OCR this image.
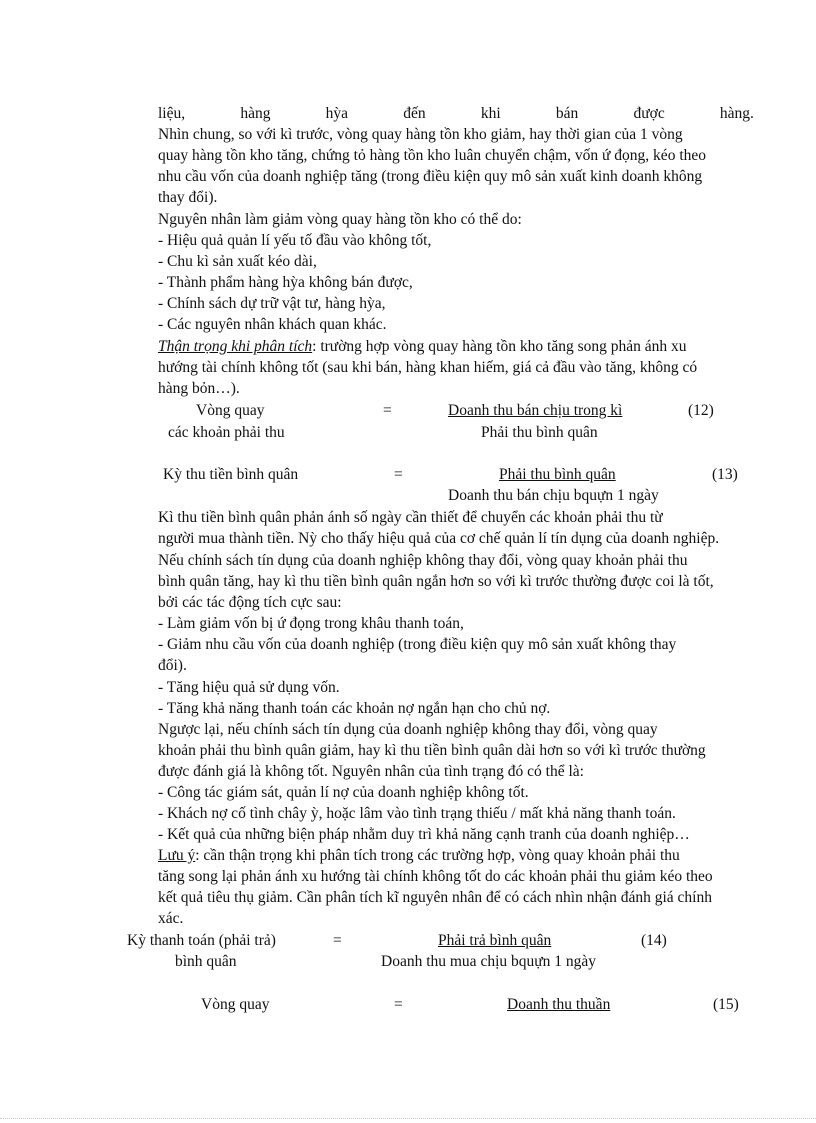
liệu,	hàng	hỳa	đến	khi	bán	được	hàng.
Nhìn chung, so với kì trước, vòng quay hàng tồn kho giảm, hay thời gian của 1 vòng
quay hàng tồn kho tăng, chứng tỏ hàng tồn kho luân chuyển chậm, vốn ứ đọng, kéo theo
nhu cầu vốn của doanh nghiệp tăng (trong điều kiện quy mô sản xuất kinh doanh không
thay đổi).
Nguyên nhân làm giảm vòng quay hàng tồn kho có thể do:
- Hiệu quả quản lí yếu tố đầu vào không tốt,
- Chu kì sản xuất kéo dài,
- Thành phẩm hàng hỳa không bán được,
- Chính sách dự trữ vật tư, hàng hỳa,
- Các nguyên nhân khách quan khác.
Thận trọng khi phân tích: trường hợp vòng quay hàng tồn kho tăng song phản ánh xu
hướng tài chính không tốt (sau khi bán, hàng khan hiếm, giá cả đầu vào tăng, không có
hàng bỏn…).
Vòng quay
các khoản phải thu
=	Doanh thu bán chịu trong kì
Phải thu bình quân
(12)
Kỳ thu tiền bình quân	=	Phải thu bình quân
Doanh thu bán chịu bquựn 1 ngày
(13)
Kì thu tiền bình quân phản ánh số ngày cần thiết để chuyển các khoản phải thu từ
người mua thành tiền. Nỳ cho thấy hiệu quả của cơ chế quản lí tín dụng của doanh nghiệp.
Nếu chính sách tín dụng của doanh nghiệp không thay đổi, vòng quay khoản phải thu
bình quân tăng, hay kì thu tiền bình quân ngắn hơn so với kì trước thường được coi là tốt,
bởi các tác động tích cực sau:
- Làm giảm vốn bị ứ đọng trong khâu thanh toán,
- Giảm nhu cầu vốn của doanh nghiệp (trong điều kiện quy mô sản xuất không thay
đổi).
- Tăng hiệu quả sử dụng vốn.
- Tăng khả năng thanh toán các khoản nợ ngắn hạn cho chủ nợ.
Ngược lại, nếu chính sách tín dụng của doanh nghiệp không thay đổi, vòng quay
khoản phải thu bình quân giảm, hay kì thu tiền bình quân dài hơn so với kì trước thường
được đánh giá là không tốt. Nguyên nhân của tình trạng đó có thể là:
- Công tác giám sát, quản lí nợ của doanh nghiệp không tốt.
- Khách nợ cố tình chây ỳ, hoặc lâm vào tình trạng thiếu / mất khả năng thanh toán.
- Kết quả của những biện pháp nhằm duy trì khả năng cạnh tranh của doanh nghiệp…
Lưu ý: cần thận trọng khi phân tích trong các trường hợp, vòng quay khoản phải thu
tăng song lại phản ánh xu hướng tài chính không tốt do các khoản phải thu giảm kéo theo
kết quả tiêu thụ giảm. Cần phân tích kĩ nguyên nhân để có cách nhìn nhận đánh giá chính
xác.
Kỳ thanh toán (phải trả)
bình quân
=	Phải trả bình quân
Doanh thu mua chịu bquựn 1 ngày
(14)
Vòng quay	=	Doanh thu thuần	(15)
